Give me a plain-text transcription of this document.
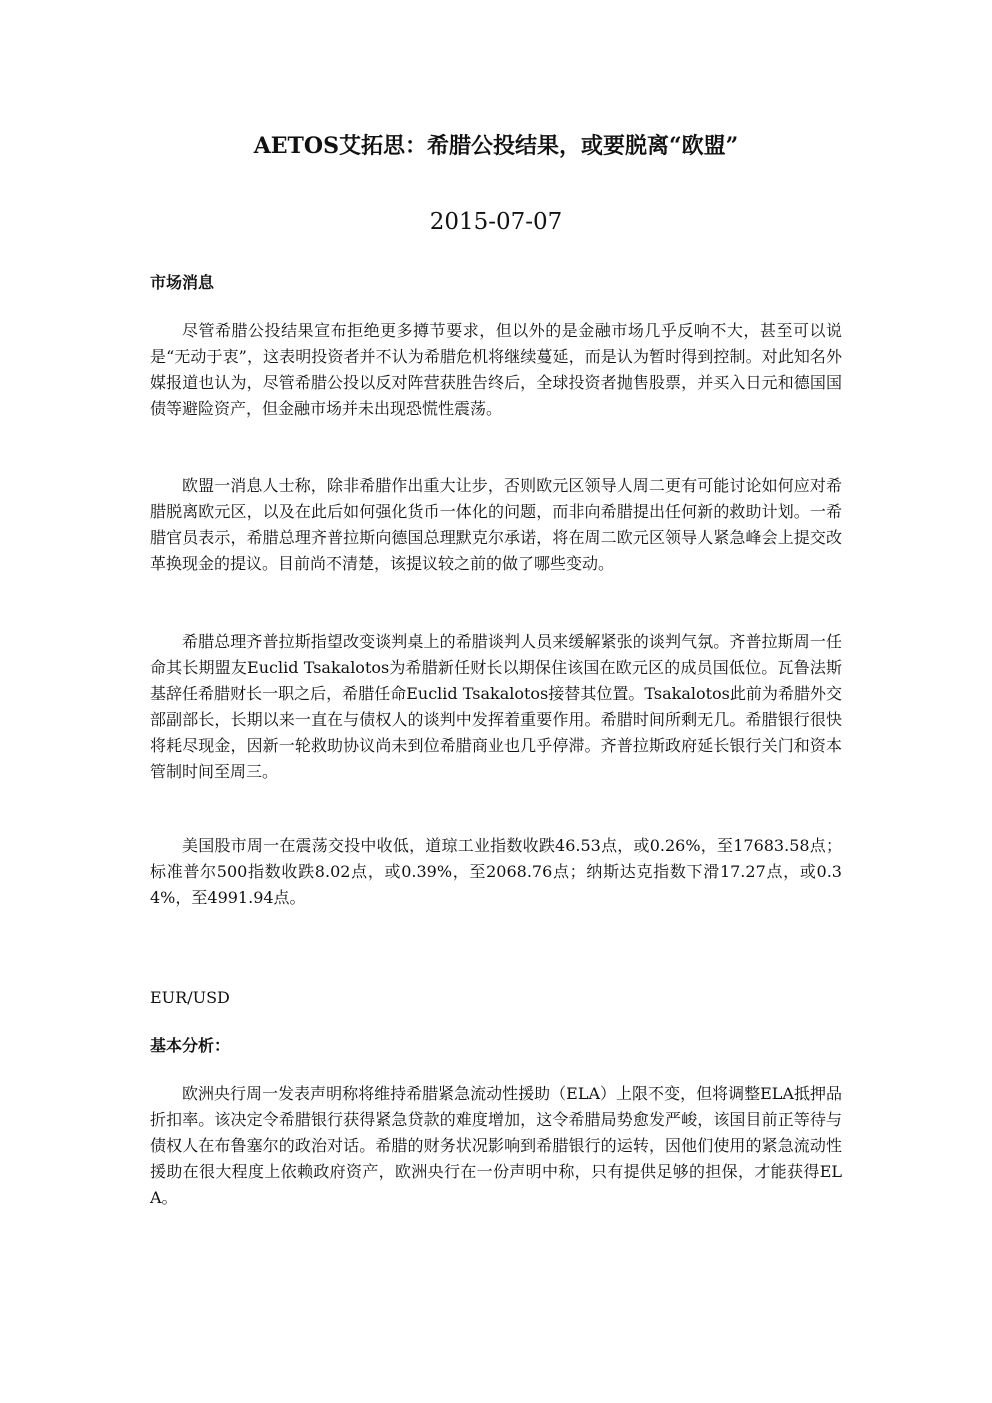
AETOS艾拓思：希腊公投结果，或要脱离“欧盟”
2015-07-07
市场消息

尽管希腊公投结果宣布拒绝更多撙节要求，但以外的是金融市场几乎反响不大，甚至可以说是“无动于衷”，这表明投资者并不认为希腊危机将继续蔓延，而是认为暂时得到控制。对此知名外媒报道也认为，尽管希腊公投以反对阵营获胜告终后，全球投资者抛售股票，并买入日元和德国国债等避险资产，但金融市场并未出现恐慌性震荡。

欧盟一消息人士称，除非希腊作出重大让步，否则欧元区领导人周二更有可能讨论如何应对希腊脱离欧元区，以及在此后如何强化货币一体化的问题，而非向希腊提出任何新的救助计划。一希腊官员表示，希腊总理齐普拉斯向德国总理默克尔承诺，将在周二欧元区领导人紧急峰会上提交改革换现金的提议。目前尚不清楚，该提议较之前的做了哪些变动。

希腊总理齐普拉斯指望改变谈判桌上的希腊谈判人员来缓解紧张的谈判气氛。齐普拉斯周一任命其长期盟友Euclid Tsakalotos为希腊新任财长以期保住该国在欧元区的成员国低位。瓦鲁法斯基辞任希腊财长一职之后，希腊任命Euclid Tsakalotos接替其位置。Tsakalotos此前为希腊外交部副部长，长期以来一直在与债权人的谈判中发挥着重要作用。希腊时间所剩无几。希腊银行很快将耗尽现金，因新一轮救助协议尚未到位希腊商业也几乎停滞。齐普拉斯政府延长银行关门和资本管制时间至周三。

美国股市周一在震荡交投中收低，道琼工业指数收跌46.53点，或0.26%，至17683.58点；标准普尔500指数收跌8.02点，或0.39%，至2068.76点；纳斯达克指数下滑17.27点，或0.34%，至4991.94点。

EUR/USD
基本分析：

欧洲央行周一发表声明称将维持希腊紧急流动性援助（ELA）上限不变，但将调整ELA抵押品折扣率。该决定令希腊银行获得紧急贷款的难度增加，这令希腊局势愈发严峻，该国目前正等待与债权人在布鲁塞尔的政治对话。希腊的财务状况影响到希腊银行的运转，因他们使用的紧急流动性援助在很大程度上依赖政府资产，欧洲央行在一份声明中称，只有提供足够的担保，才能获得ELA。
